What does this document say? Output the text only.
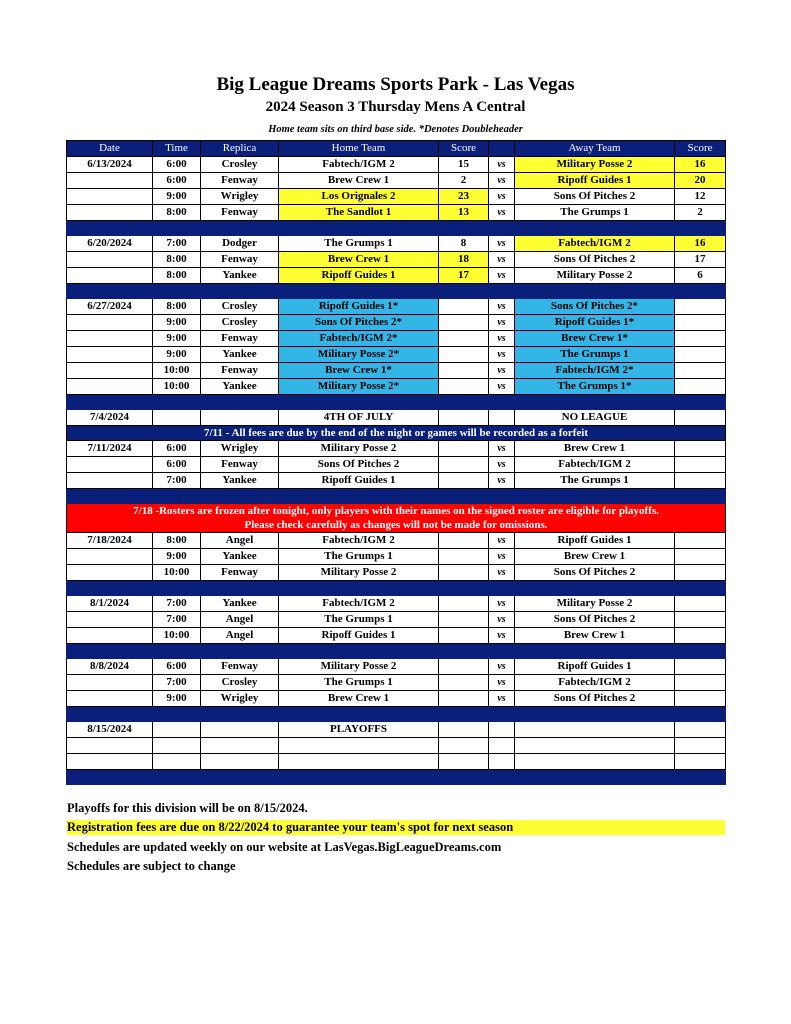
Big League Dreams Sports Park - Las Vegas
2024 Season 3 Thursday Mens A Central
Home team sits on third base side. *Denotes Doubleheader
Date	Time	Replica	Home Team	Score		Away Team	Score
6/13/2024	6:00	Crosley	Fabtech/IGM 2	15	vs	Military Posse 2	16
	6:00	Fenway	Brew Crew 1	2	vs	Ripoff Guides 1	20
	9:00	Wrigley	Los Orignales 2	23	vs	Sons Of Pitches 2	12
	8:00	Fenway	The Sandlot 1	13	vs	The Grumps 1	2

6/20/2024	7:00	Dodger	The Grumps 1	8	vs	Fabtech/IGM 2	16
	8:00	Fenway	Brew Crew 1	18	vs	Sons Of Pitches 2	17
	8:00	Yankee	Ripoff Guides 1	17	vs	Military Posse 2	6

6/27/2024	8:00	Crosley	Ripoff Guides 1*		vs	Sons Of Pitches 2*	
	9:00	Crosley	Sons Of Pitches 2*		vs	Ripoff Guides 1*	
	9:00	Fenway	Fabtech/IGM 2*		vs	Brew Crew 1*	
	9:00	Yankee	Military Posse 2*		vs	The Grumps 1	
	10:00	Fenway	Brew Crew 1*		vs	Fabtech/IGM 2*	
	10:00	Yankee	Military Posse 2*		vs	The Grumps 1*	

7/4/2024			4TH OF JULY			NO LEAGUE	
7/11 - All fees are due by the end of the night or games will be recorded as a forfeit							
7/11/2024	6:00	Wrigley	Military Posse 2		vs	Brew Crew 1	
	6:00	Fenway	Sons Of Pitches 2		vs	Fabtech/IGM 2	
	7:00	Yankee	Ripoff Guides 1		vs	The Grumps 1	

7/18 -Rosters are frozen after tonight, only players with their names on the signed roster are eligible for playoffs.
Please check carefully as changes will not be made for omissions.							

7/18/2024	8:00	Angel	Fabtech/IGM 2		vs	Ripoff Guides 1	
	9:00	Yankee	The Grumps 1		vs	Brew Crew 1	
	10:00	Fenway	Military Posse 2		vs	Sons Of Pitches 2	

8/1/2024	7:00	Yankee	Fabtech/IGM 2		vs	Military Posse 2	
	7:00	Angel	The Grumps 1		vs	Sons Of Pitches 2	
	10:00	Angel	Ripoff Guides 1		vs	Brew Crew 1	

8/8/2024	6:00	Fenway	Military Posse 2		vs	Ripoff Guides 1	
	7:00	Crosley	The Grumps 1		vs	Fabtech/IGM 2	
	9:00	Wrigley	Brew Crew 1		vs	Sons Of Pitches 2	

8/15/2024			PLAYOFFS				

Playoffs for this division will be on 8/15/2024.
Registration fees are due on 8/22/2024 to guarantee your team's spot for next season
Schedules are updated weekly on our website at LasVegas.BigLeagueDreams.com
Schedules are subject to change
